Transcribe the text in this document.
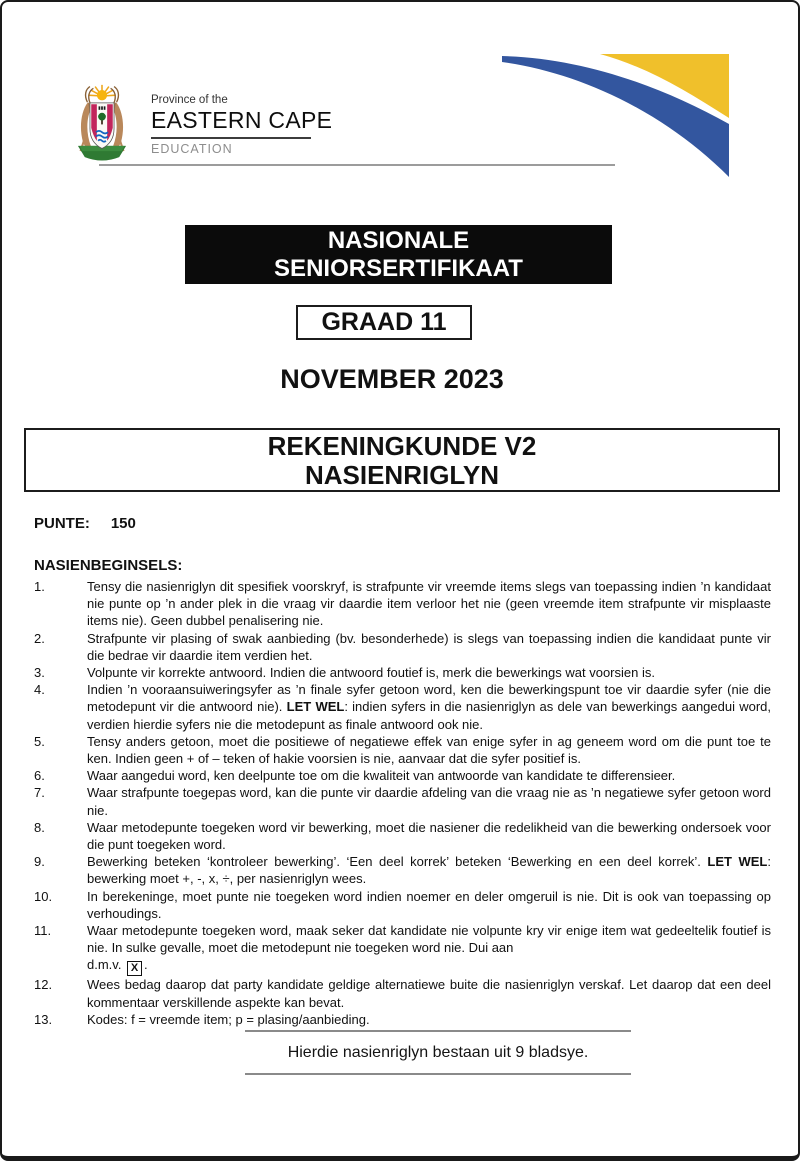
Province of the
EASTERN CAPE
EDUCATION
NASIONALE
SENIORSERTIFIKAAT
GRAAD 11
NOVEMBER 2023
REKENINGKUNDE V2
NASIENRIGLYN
PUNTE: 150
NASIENBEGINSELS:
1.	Tensy die nasienriglyn dit spesifiek voorskryf, is strafpunte vir vreemde items slegs van toepassing indien ’n kandidaat nie punte op ’n ander plek in die vraag vir daardie item verloor het nie (geen vreemde item strafpunte vir misplaaste items nie). Geen dubbel penalisering nie.
2.	Strafpunte vir plasing of swak aanbieding (bv. besonderhede) is slegs van toepassing indien die kandidaat punte vir die bedrae vir daardie item verdien het.
3.	Volpunte vir korrekte antwoord. Indien die antwoord foutief is, merk die bewerkings wat voorsien is.
4.	Indien ’n vooraansuiweringsyfer as ’n finale syfer getoon word, ken die bewerkingspunt toe vir daardie syfer (nie die metodepunt vir die antwoord nie). LET WEL: indien syfers in die nasienriglyn as dele van bewerkings aangedui word, verdien hierdie syfers nie die metodepunt as finale antwoord ook nie.
5.	Tensy anders getoon, moet die positiewe of negatiewe effek van enige syfer in ag geneem word om die punt toe te ken. Indien geen + of – teken of hakie voorsien is nie, aanvaar dat die syfer positief is.
6.	Waar aangedui word, ken deelpunte toe om die kwaliteit van antwoorde van kandidate te differensieer.
7.	Waar strafpunte toegepas word, kan die punte vir daardie afdeling van die vraag nie as ’n negatiewe syfer getoon word nie.
8.	Waar metodepunte toegeken word vir bewerking, moet die nasiener die redelikheid van die bewerking ondersoek voor die punt toegeken word.
9.	Bewerking beteken ‘kontroleer bewerking’. ‘Een deel korrek’ beteken ‘Bewerking en een deel korrek’. LET WEL: bewerking moet +, -, x, ÷, per nasienriglyn wees.
10.	In berekeninge, moet punte nie toegeken word indien noemer en deler omgeruil is nie. Dit is ook van toepassing op verhoudings.
11.	Waar metodepunte toegeken word, maak seker dat kandidate nie volpunte kry vir enige item wat gedeeltelik foutief is nie. In sulke gevalle, moet die metodepunt nie toegeken word nie. Dui aan
d.m.v. X .
12.	Wees bedag daarop dat party kandidate geldige alternatiewe buite die nasienriglyn verskaf. Let daarop dat een deel kommentaar verskillende aspekte kan bevat.
13.	Kodes: f = vreemde item; p = plasing/aanbieding.
Hierdie nasienriglyn bestaan uit 9 bladsye.
